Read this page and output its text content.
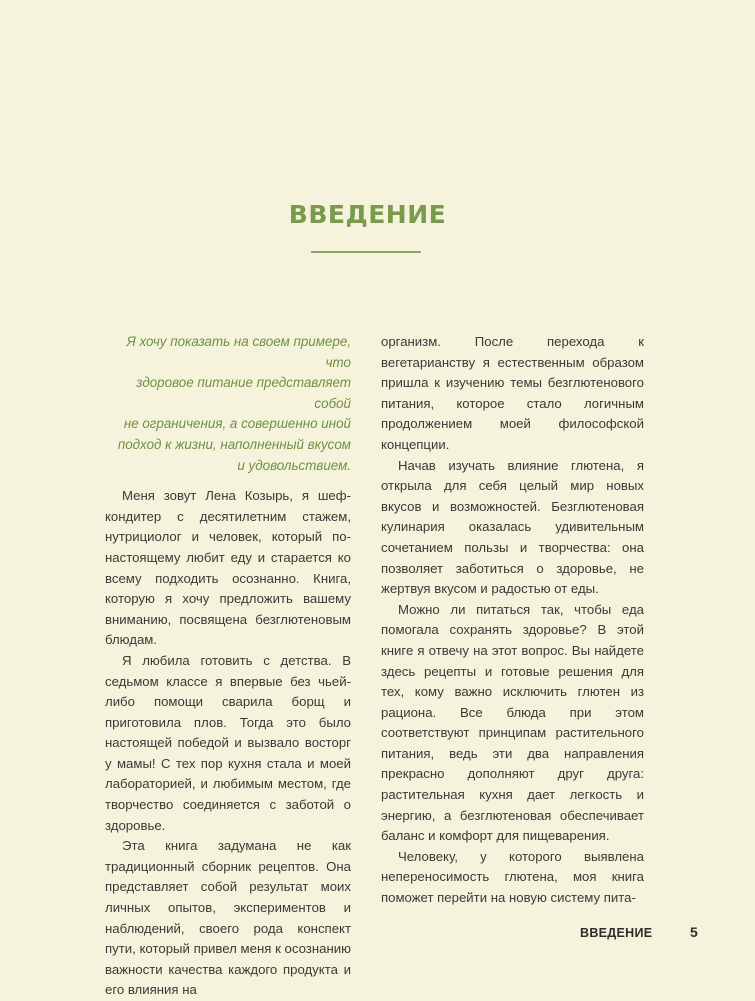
ВВЕДЕНИЕ
Я хочу показать на своем примере, что
здоровое питание представляет собой
не ограничения, а совершенно иной
подход к жизни, наполненный вкусом
и удовольствием.

Меня зовут Лена Козырь, я шеф-кондитер с десятилетним стажем, нутрициолог и человек, который по-настоящему любит еду и старается ко всему подходить осознанно. Книга, которую я хочу предложить вашему вниманию, посвящена безглютеновым блюдам.

Я любила готовить с детства. В седьмом классе я впервые без чьей-либо помощи сварила борщ и приготовила плов. Тогда это было настоящей победой и вызвало восторг у мамы! С тех пор кухня стала и моей лабораторией, и любимым местом, где творчество соединяется с заботой о здоровье.

Эта книга задумана не как традиционный сборник рецептов. Она представляет собой результат моих личных опытов, экспериментов и наблюдений, своего рода конспект пути, который привел меня к осознанию важности качества каждого продукта и его влияния на

организм. После перехода к вегетарианству я естественным образом пришла к изучению темы безглютенового питания, которое стало логичным продолжением моей философской концепции.

Начав изучать влияние глютена, я открыла для себя целый мир новых вкусов и возможностей. Безглютеновая кулинария оказалась удивительным сочетанием пользы и творчества: она позволяет заботиться о здоровье, не жертвуя вкусом и радостью от еды.

Можно ли питаться так, чтобы еда помогала сохранять здоровье? В этой книге я отвечу на этот вопрос. Вы найдете здесь рецепты и готовые решения для тех, кому важно исключить глютен из рациона. Все блюда при этом соответствуют принципам растительного питания, ведь эти два направления прекрасно дополняют друг друга: растительная кухня дает легкость и энергию, а безглютеновая обеспечивает баланс и комфорт для пищеварения.

Человеку, у которого выявлена непереносимость глютена, моя книга поможет перейти на новую систему пита-

ВВЕДЕНИЕ	5
